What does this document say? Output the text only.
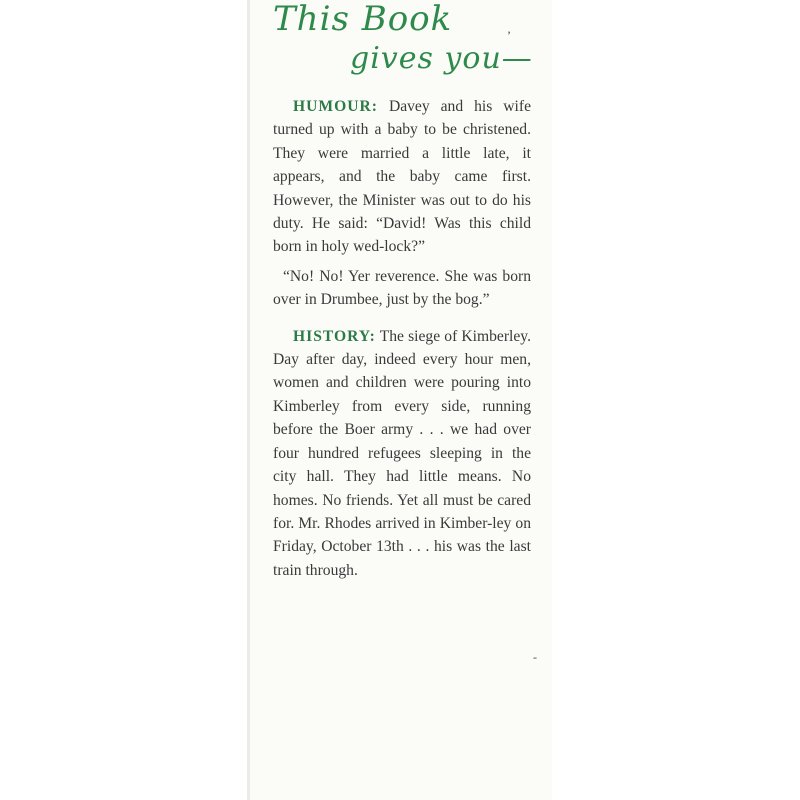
This Book
gives you—
’
-

HUMOUR: Davey and his wife turned up with a baby to be christened. They were married a little late, it appears, and the baby came first. However, the Minister was out to do his duty. He said: “David! Was this child born in holy wed-lock?”

“No! No! Yer reverence. She was born over in Drumbee, just by the bog.”

HISTORY: The siege of Kimberley. Day after day, indeed every hour men, women and children were pouring into Kimberley from every side, running before the Boer army . . . we had over four hundred refugees sleeping in the city hall. They had little means. No homes. No friends. Yet all must be cared for. Mr. Rhodes arrived in Kimber-ley on Friday, October 13th . . . his was the last train through.
